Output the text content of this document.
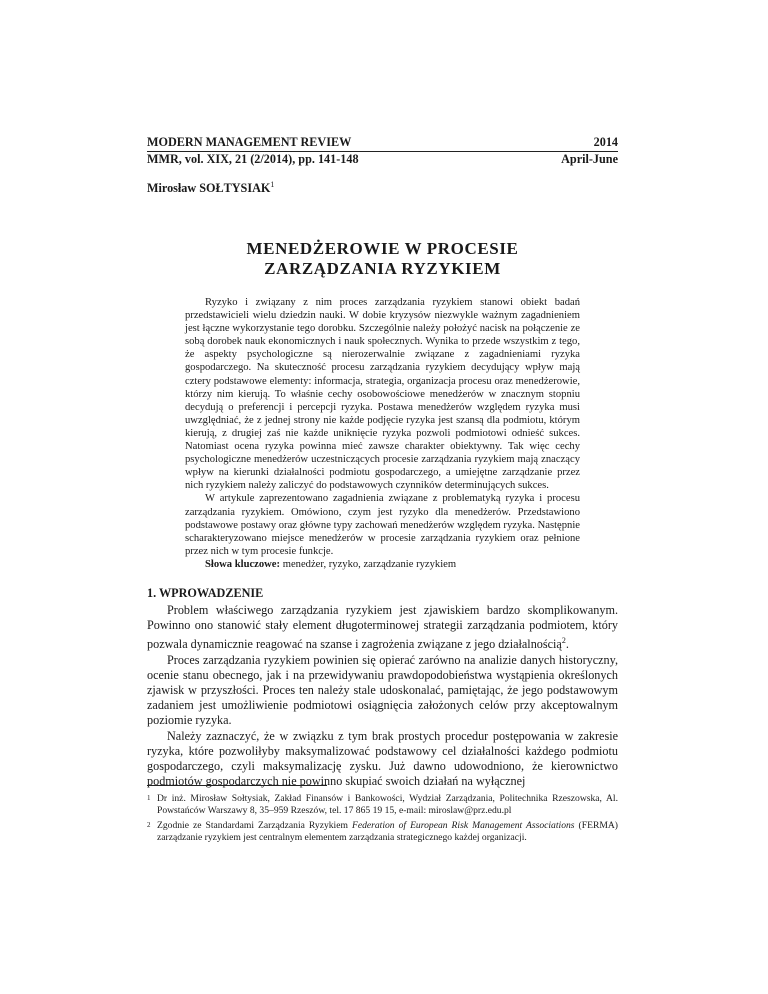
MODERN MANAGEMENT REVIEW	2014
MMR, vol. XIX, 21 (2/2014), pp. 141-148	April-June
Mirosław SOŁTYSIAK$^1$
MENEDŻEROWIE W PROCESIE
ZARZĄDZANIA RYZYKIEM

Ryzyko i związany z nim proces zarządzania ryzykiem stanowi obiekt badań przedstawicieli wielu dziedzin nauki. W dobie kryzysów niezwykle ważnym zagadnieniem jest łączne wykorzystanie tego dorobku. Szczególnie należy położyć nacisk na połączenie ze sobą dorobek nauk ekonomicznych i nauk społecznych. Wynika to przede wszystkim z tego, że aspekty psychologiczne są nierozerwalnie związane z zagadnieniami ryzyka gospodarczego. Na skuteczność procesu zarządzania ryzykiem decydujący wpływ mają cztery podstawowe elementy: informacja, strategia, organizacja procesu oraz menedżerowie, którzy nim kierują. To właśnie cechy osobowościowe menedżerów w znacznym stopniu decydują o preferencji i percepcji ryzyka. Postawa menedżerów względem ryzyka musi uwzględniać, że z jednej strony nie każde podjęcie ryzyka jest szansą dla podmiotu, którym kierują, z drugiej zaś nie każde uniknięcie ryzyka pozwoli podmiotowi odnieść sukces. Natomiast ocena ryzyka powinna mieć zawsze charakter obiektywny. Tak więc cechy psychologiczne menedżerów uczestniczących procesie zarządzania ryzykiem mają znaczący wpływ na kierunki działalności podmiotu gospodarczego, a umiejętne zarządzanie przez nich ryzykiem należy zaliczyć do podstawowych czynników determinujących sukces.

W artykule zaprezentowano zagadnienia związane z problematyką ryzyka i procesu zarządzania ryzykiem. Omówiono, czym jest ryzyko dla menedżerów. Przedstawiono podstawowe postawy oraz główne typy zachowań menedżerów względem ryzyka. Następnie scharakteryzowano miejsce menedżerów w procesie zarządzania ryzykiem oraz pełnione przez nich w tym procesie funkcje.

Słowa kluczowe: menedżer, ryzyko, zarządzanie ryzykiem

1. WPROWADZENIE

Problem właściwego zarządzania ryzykiem jest zjawiskiem bardzo skomplikowanym. Powinno ono stanowić stały element długoterminowej strategii zarządzania podmiotem, który pozwala dynamicznie reagować na szanse i zagrożenia związane z jego działalnością$^2$.

Proces zarządzania ryzykiem powinien się opierać zarówno na analizie danych historyczny, ocenie stanu obecnego, jak i na przewidywaniu prawdopodobieństwa wystąpienia określonych zjawisk w przyszłości. Proces ten należy stale udoskonalać, pamiętając, że jego podstawowym zadaniem jest umożliwienie podmiotowi osiągnięcia założonych celów przy akceptowalnym poziomie ryzyka.

Należy zaznaczyć, że w związku z tym brak prostych procedur postępowania w zakresie ryzyka, które pozwoliłyby maksymalizować podstawowy cel działalności każdego podmiotu gospodarczego, czyli maksymalizację zysku. Już dawno udowodniono, że kierownictwo podmiotów gospodarczych nie powinno skupiać swoich działań na wyłącznej

1 Dr inż. Mirosław Sołtysiak, Zakład Finansów i Bankowości, Wydział Zarządzania, Politechnika Rzeszowska, Al. Powstańców Warszawy 8, 35–959 Rzeszów, tel. 17 865 19 15, e-mail: miroslaw@prz.edu.pl
2 Zgodnie ze Standardami Zarządzania Ryzykiem Federation of European Risk Management Associations (FERMA) zarządzanie ryzykiem jest centralnym elementem zarządzania strategicznego każdej organizacji.
